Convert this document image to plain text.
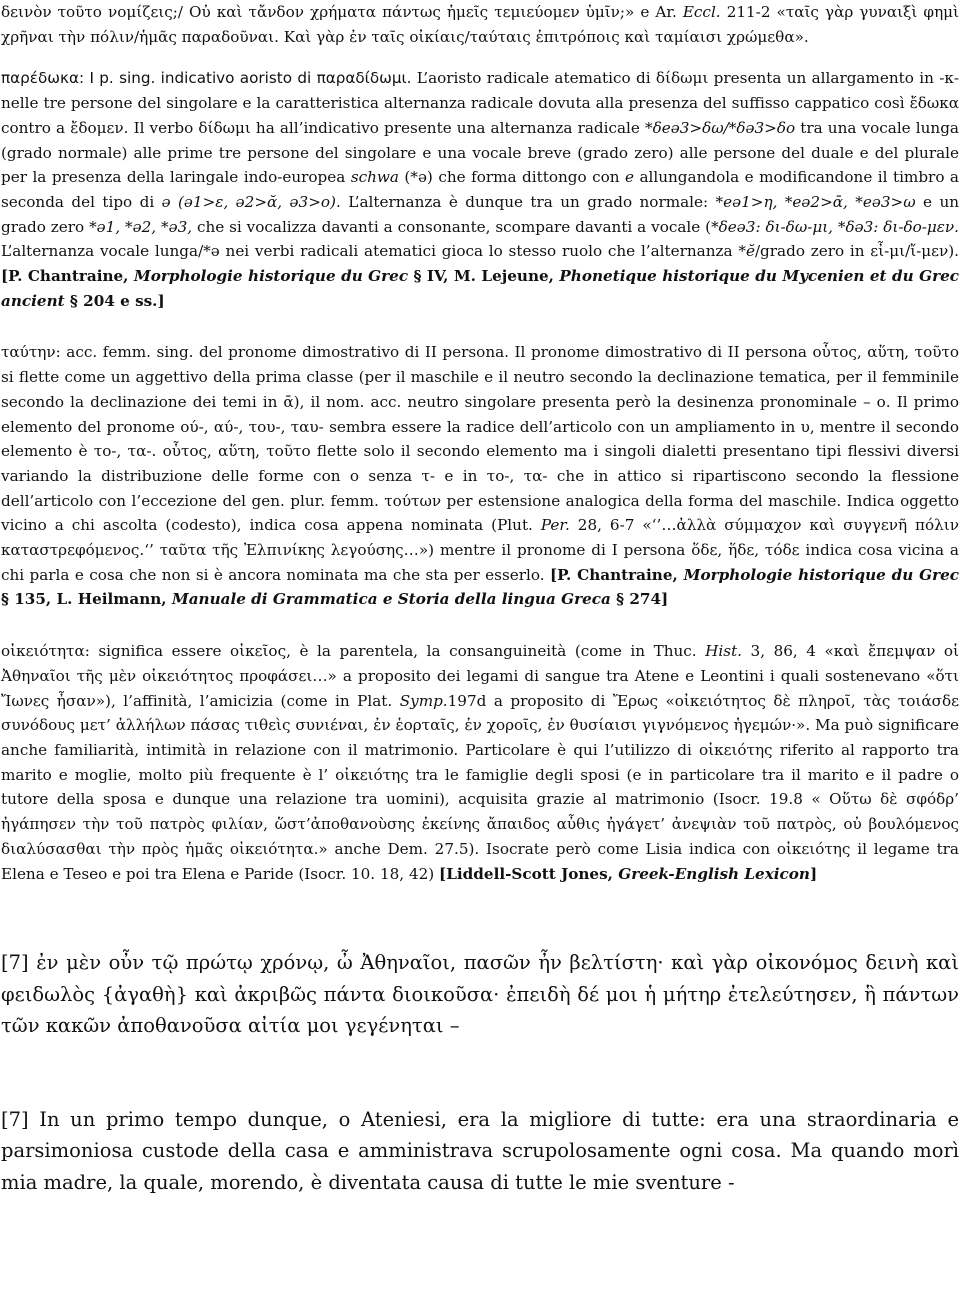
δεινὸν τοῦτο νομίζεις;/ Οὐ καὶ τἄνδον χρήματα πάντως ἡμεῖς τεμιεύομεν ὑμῖν;» e Ar. Eccl. 211-2 «ταῖς γὰρ γυναιξὶ φημὶ χρῆναι τὴν πόλιν/ἡμᾶς παραδοῦναι. Καὶ γὰρ ἐν ταῖς οἰκίαις/ταύταις ἐπιτρόποις καὶ ταμίαισι χρώμεθα».

παρέδωκα: I p. sing. indicativo aoristo di παραδίδωμι. L’aoristo radicale atematico di δίδωμι presenta un allargamento in -κ- nelle tre persone del singolare e la caratteristica alternanza radicale dovuta alla presenza del suffisso cappatico così ἔδωκα contro a ἔδομεν. Il verbo δίδωμι ha all’indicativo presente una alternanza radicale *δeə3>δω/*δə3>δο tra una vocale lunga (grado normale) alle prime tre persone del singolare e una vocale breve (grado zero) alle persone del duale e del plurale per la presenza della laringale indo-europea schwa (*ə) che forma dittongo con e allungandola e modificandone il timbro a seconda del tipo di ə (ə1>ε, ə2>ᾰ, ə3>ο). L’alternanza è dunque tra un grado normale: *eə1>η, *eə2>ᾱ, *eə3>ω e un grado zero *ə1, *ə2, *ə3, che si vocalizza davanti a consonante, scompare davanti a vocale (*δeə3: δι-δω-μι, *δə3: δι-δο-μεν. L’alternanza vocale lunga/*ə nei verbi radicali atematici gioca lo stesso ruolo che l’alternanza *ĕ/grado zero in εἶ-μι/ἴ-μεν). [P. Chantraine, Morphologie historique du Grec § IV, M. Lejeune, Phonetique historique du Mycenien et du Grec ancient § 204 e ss.]

ταύτην: acc. femm. sing. del pronome dimostrativo di II persona. Il pronome dimostrativo di II persona οὗτος, αὕτη, τοῦτο si flette come un aggettivo della prima classe (per il maschile e il neutro secondo la declinazione tematica, per il femminile secondo la declinazione dei temi in ᾱ), il nom. acc. neutro singolare presenta però la desinenza pronominale – ο. Il primo elemento del pronome ού-, αύ-, του-, ταυ- sembra essere la radice dell’articolo con un ampliamento in υ, mentre il secondo elemento è το-, τα-. οὗτος, αὕτη, τοῦτο flette solo il secondo elemento ma i singoli dialetti presentano tipi flessivi diversi variando la distribuzione delle forme con o senza τ- e in το-, τα- che in attico si ripartiscono secondo la flessione dell’articolo con l’eccezione del gen. plur. femm. τούτων per estensione analogica della forma del maschile. Indica oggetto vicino a chi ascolta (codesto), indica cosa appena nominata (Plut. Per. 28, 6-7 «‘’…ἀλλὰ σύμμαχον καὶ συγγενῆ πόλιν καταστρεφόμενος.‘’ ταῦτα τῆς Ἐλπινίκης λεγούσης…») mentre il pronome di I persona ὅδε, ἥδε, τόδε indica cosa vicina a chi parla e cosa che non si è ancora nominata ma che sta per esserlo. [P. Chantraine, Morphologie historique du Grec § 135, L. Heilmann, Manuale di Grammatica e Storia della lingua Greca § 274]

οἰκειότητα: significa essere οἰκεῖος, è la parentela, la consanguineità (come in Thuc. Hist. 3, 86, 4 «καὶ ἔπεμψαν οἱ Ἀθηναῖοι τῆς μὲν οἰκειότητος προφάσει…» a proposito dei legami di sangue tra Atene e Leontini i quali sostenevano «ὅτι Ἴωνες ἦσαν»), l’affinità, l’amicizia (come in Plat. Symp.197d a proposito di Ἔρως «οἰκειότητος δὲ πληροῖ, τὰς τοιάσδε συνόδους μετ’ ἀλλήλων πάσας τιθεὶς συνιέναι, ἐν ἑορταῖς, ἐν χοροῖς, ἐν θυσίαισι γιγνόμενος ἡγεμών·». Ma può significare anche familiarità, intimità in relazione con il matrimonio. Particolare è qui l’utilizzo di οἰκειότης riferito al rapporto tra marito e moglie, molto più frequente è l’ οἰκειότης tra le famiglie degli sposi (e in particolare tra il marito e il padre o tutore della sposa e dunque una relazione tra uomini), acquisita grazie al matrimonio (Isocr. 19.8 « Οὕτω δὲ σφόδρ’ ἠγάπησεν τὴν τοῦ πατρὸς φιλίαν, ὥστ’ἀποθανοὺσης ἐκείνης ἄπαιδος αὖθις ἠγάγετ’ ἀνεψιὰν τοῦ πατρὸς, οὐ βουλόμενος διαλύσασθαι τὴν πρὸς ἡμᾶς οἰκειότητα.» anche Dem. 27.5). Isocrate però come Lisia indica con οἰκειότης il legame tra Elena e Teseo e poi tra Elena e Paride (Isocr. 10. 18, 42) [Liddell-Scott Jones, Greek-English Lexicon]

[7] ἐν μὲν οὖν τῷ πρώτῳ χρόνῳ, ὦ Ἀθηναῖοι, πασῶν ἦν βελτίστη· καὶ γὰρ οἰκονόμος δεινὴ καὶ φειδωλὸς {ἀγαθὴ} καὶ ἀκριβῶς πάντα διοικοῦσα· ἐπειδὴ δέ μοι ἡ μήτηρ ἐτελεύτησεν, ἣ πάντων τῶν κακῶν ἀποθανοῦσα αἰτία μοι γεγένηται –

[7] In un primo tempo dunque, o Ateniesi, era la migliore di tutte: era una straordinaria e parsimoniosa custode della casa e amministrava scrupolosamente ogni cosa. Ma quando morì mia madre, la quale, morendo, è diventata causa di tutte le mie sventure -
